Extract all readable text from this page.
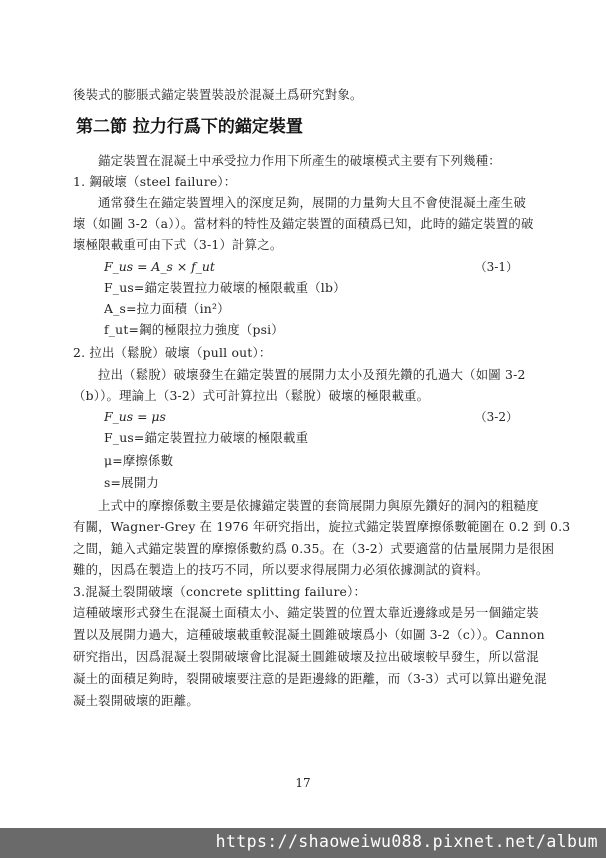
後裝式的膨脹式錨定裝置裝設於混凝土爲研究對象。
第二節 拉力行爲下的錨定裝置
錨定裝置在混凝土中承受拉力作用下所產生的破壞模式主要有下列幾種：
1. 鋼破壞（steel failure）：
通常發生在錨定裝置埋入的深度足夠，展開的力量夠大且不會使混凝土產生破
壞（如圖 3-2（a））。當材料的特性及錨定裝置的面積爲已知，此時的錨定裝置的破
壞極限載重可由下式（3-1）計算之。
F_us = A_s × f_ut	（3-1）
F_us=錨定裝置拉力破壞的極限載重（lb）
A_s=拉力面積（in²）
f_ut=鋼的極限拉力強度（psi）
2. 拉出（鬆脫）破壞（pull out）：
拉出（鬆脫）破壞發生在錨定裝置的展開力太小及預先鑽的孔過大（如圖 3-2
（b））。理論上（3-2）式可計算拉出（鬆脫）破壞的極限載重。
F_us = μs	（3-2）
F_us=錨定裝置拉力破壞的極限載重
μ=摩擦係數
s=展開力
上式中的摩擦係數主要是依據錨定裝置的套筒展開力與原先鑽好的洞內的粗糙度
有關，Wagner-Grey 在 1976 年研究指出，旋拉式錨定裝置摩擦係數範圍在 0.2 到 0.3
之間，鎚入式錨定裝置的摩擦係數約爲 0.35。在（3-2）式要適當的估量展開力是很困
難的，因爲在製造上的技巧不同，所以要求得展開力必須依據測試的資料。
3.混凝土裂開破壞（concrete splitting failure）：
這種破壞形式發生在混凝土面積太小、錨定裝置的位置太靠近邊緣或是另一個錨定裝
置以及展開力過大，這種破壞載重較混凝土圓錐破壞爲小（如圖 3-2（c））。Cannon
研究指出，因爲混凝土裂開破壞會比混凝土圓錐破壞及拉出破壞較早發生，所以當混
凝土的面積足夠時，裂開破壞要注意的是距邊緣的距離，而（3-3）式可以算出避免混
凝土裂開破壞的距離。
17
https://shaoweiwu088.pixnet.net/album
